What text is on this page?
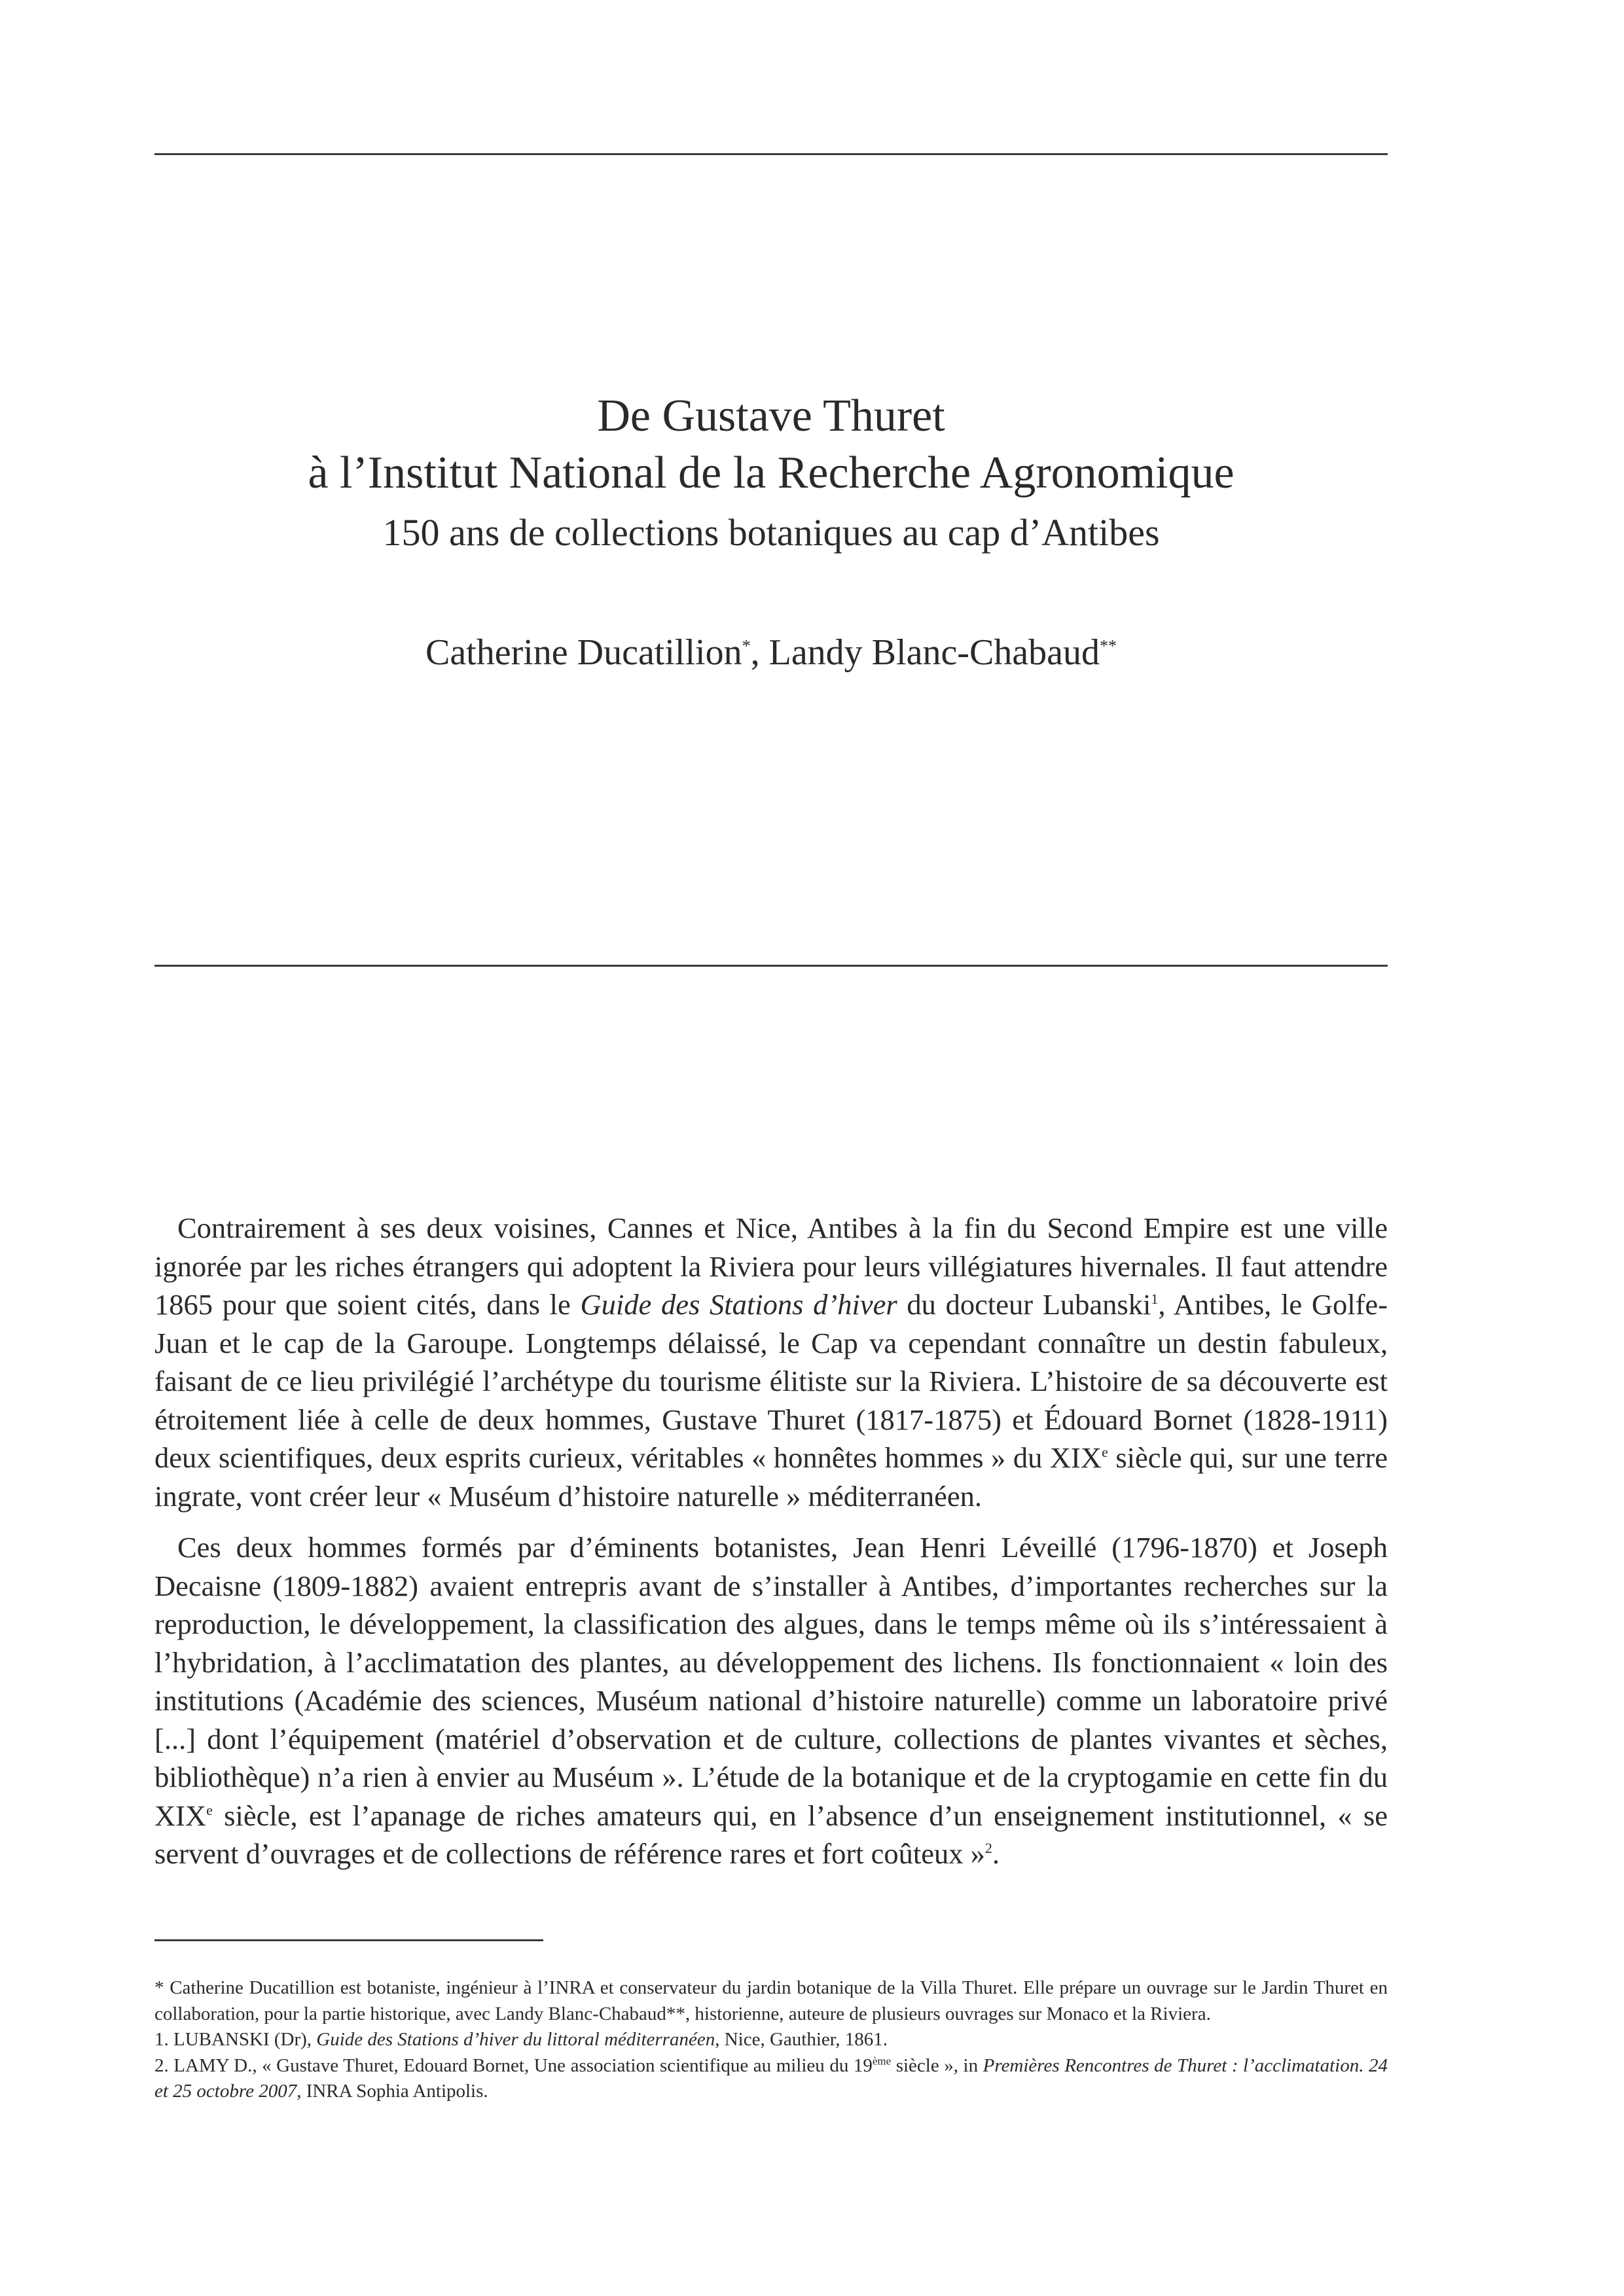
De Gustave Thuret
à l’Institut National de la Recherche Agronomique
150 ans de collections botaniques au cap d’Antibes
Catherine Ducatillion*, Landy Blanc-Chabaud**

Contrairement à ses deux voisines, Cannes et Nice, Antibes à la fin du Second Empire est une ville ignorée par les riches étrangers qui adoptent la Riviera pour leurs villégiatures hivernales. Il faut attendre 1865 pour que soient cités, dans le Guide des Stations d’hiver du docteur Lubanski$^1$, Antibes, le Golfe-Juan et le cap de la Garoupe. Longtemps délaissé, le Cap va cependant connaître un destin fabuleux, faisant de ce lieu privilégié l’archétype du tourisme élitiste sur la Riviera. L’histoire de sa découverte est étroitement liée à celle de deux hommes, Gustave Thuret (1817-1875) et Édouard Bornet (1828-1911) deux scientifiques, deux esprits curieux, véritables « honnêtes hommes » du XIXe siècle qui, sur une terre ingrate, vont créer leur « Muséum d’histoire naturelle » méditerranéen.

Ces deux hommes formés par d’éminents botanistes, Jean Henri Léveillé (1796-1870) et Joseph Decaisne (1809-1882) avaient entrepris avant de s’installer à Antibes, d’importantes recherches sur la reproduction, le développement, la classification des algues, dans le temps même où ils s’intéressaient à l’hybridation, à l’acclimatation des plantes, au développement des lichens. Ils fonctionnaient « loin des institutions (Académie des sciences, Muséum national d’histoire naturelle) comme un laboratoire privé [...] dont l’équipement (matériel d’observation et de culture, collections de plantes vivantes et sèches, bibliothèque) n’a rien à envier au Muséum ». L’étude de la botanique et de la cryptogamie en cette fin du XIXe siècle, est l’apanage de riches amateurs qui, en l’absence d’un enseignement institutionnel, « se servent d’ouvrages et de collections de référence rares et fort coûteux »$^2$.

* Catherine Ducatillion est botaniste, ingénieur à l’INRA et conservateur du jardin botanique de la Villa Thuret. Elle prépare un ouvrage sur le Jardin Thuret en collaboration, pour la partie historique, avec Landy Blanc-Chabaud**, historienne, auteure de plusieurs ouvrages sur Monaco et la Riviera.

1. LUBANSKI (Dr), Guide des Stations d’hiver du littoral méditerranéen, Nice, Gauthier, 1861.

2. LAMY D., « Gustave Thuret, Edouard Bornet, Une association scientifique au milieu du 19ème siècle », in Premières Rencontres de Thuret : l’acclimatation. 24 et 25 octobre 2007, INRA Sophia Antipolis.
